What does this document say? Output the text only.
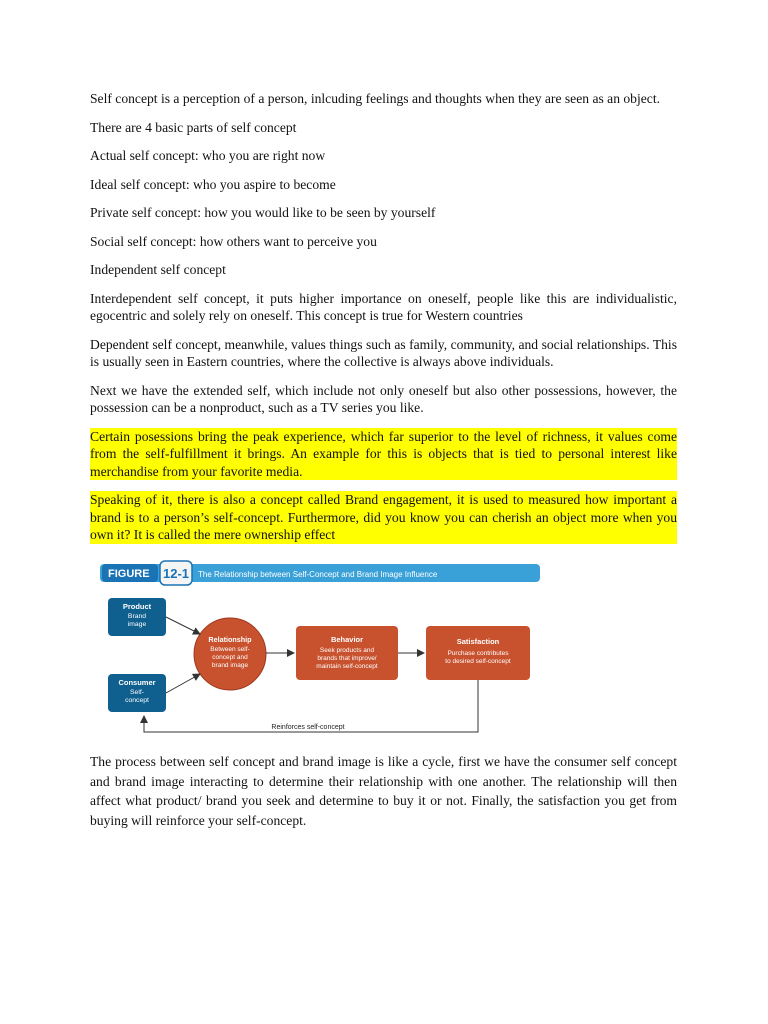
Self concept is a perception of a person, inlcuding feelings and thoughts when they are seen as an object.

There are 4 basic parts of self concept

Actual self concept: who you are right now

Ideal self concept: who you aspire to become

Private self concept: how you would like to be seen by yourself

Social self concept: how others want to perceive you

Independent self concept

Interdependent self concept, it puts higher importance on oneself, people like this are individualistic, egocentric and solely rely on oneself. This concept is true for Western countries

Dependent self concept, meanwhile, values things such as family, community, and social relationships. This is usually seen in Eastern countries, where the collective is always above individuals.

Next we have the extended self, which include not only oneself but also other possessions, however, the possession can be a nonproduct, such as a TV series you like.

Certain posessions bring the peak experience, which far superior to the level of richness, it values come from the self-fulfillment it brings. An example for this is objects that is tied to personal interest like merchandise from your favorite media.

Speaking of it, there is also a concept called Brand engagement, it is used to measured how important a brand is to a person’s self-concept. Furthermore, did you know you can cherish an object more when you own it? It is called the mere ownership effect

FIGURE 12-1 The Relationship between Self-Concept and Brand Image Influence
Product
Brand
image
Consumer
Self-
concept
Relationship
Between self-
concept and
brand image
Behavior
Seek products and
brands that improve/
maintain self-concept
Satisfaction
Purchase contributes
to desired self-concept
Reinforces self-concept

The process between self concept and brand image is like a cycle, first we have the consumer self concept and brand image interacting to determine their relationship with one another. The relationship will then affect what product/ brand you seek and determine to buy it or not. Finally, the satisfaction you get from buying will reinforce your self-concept.
